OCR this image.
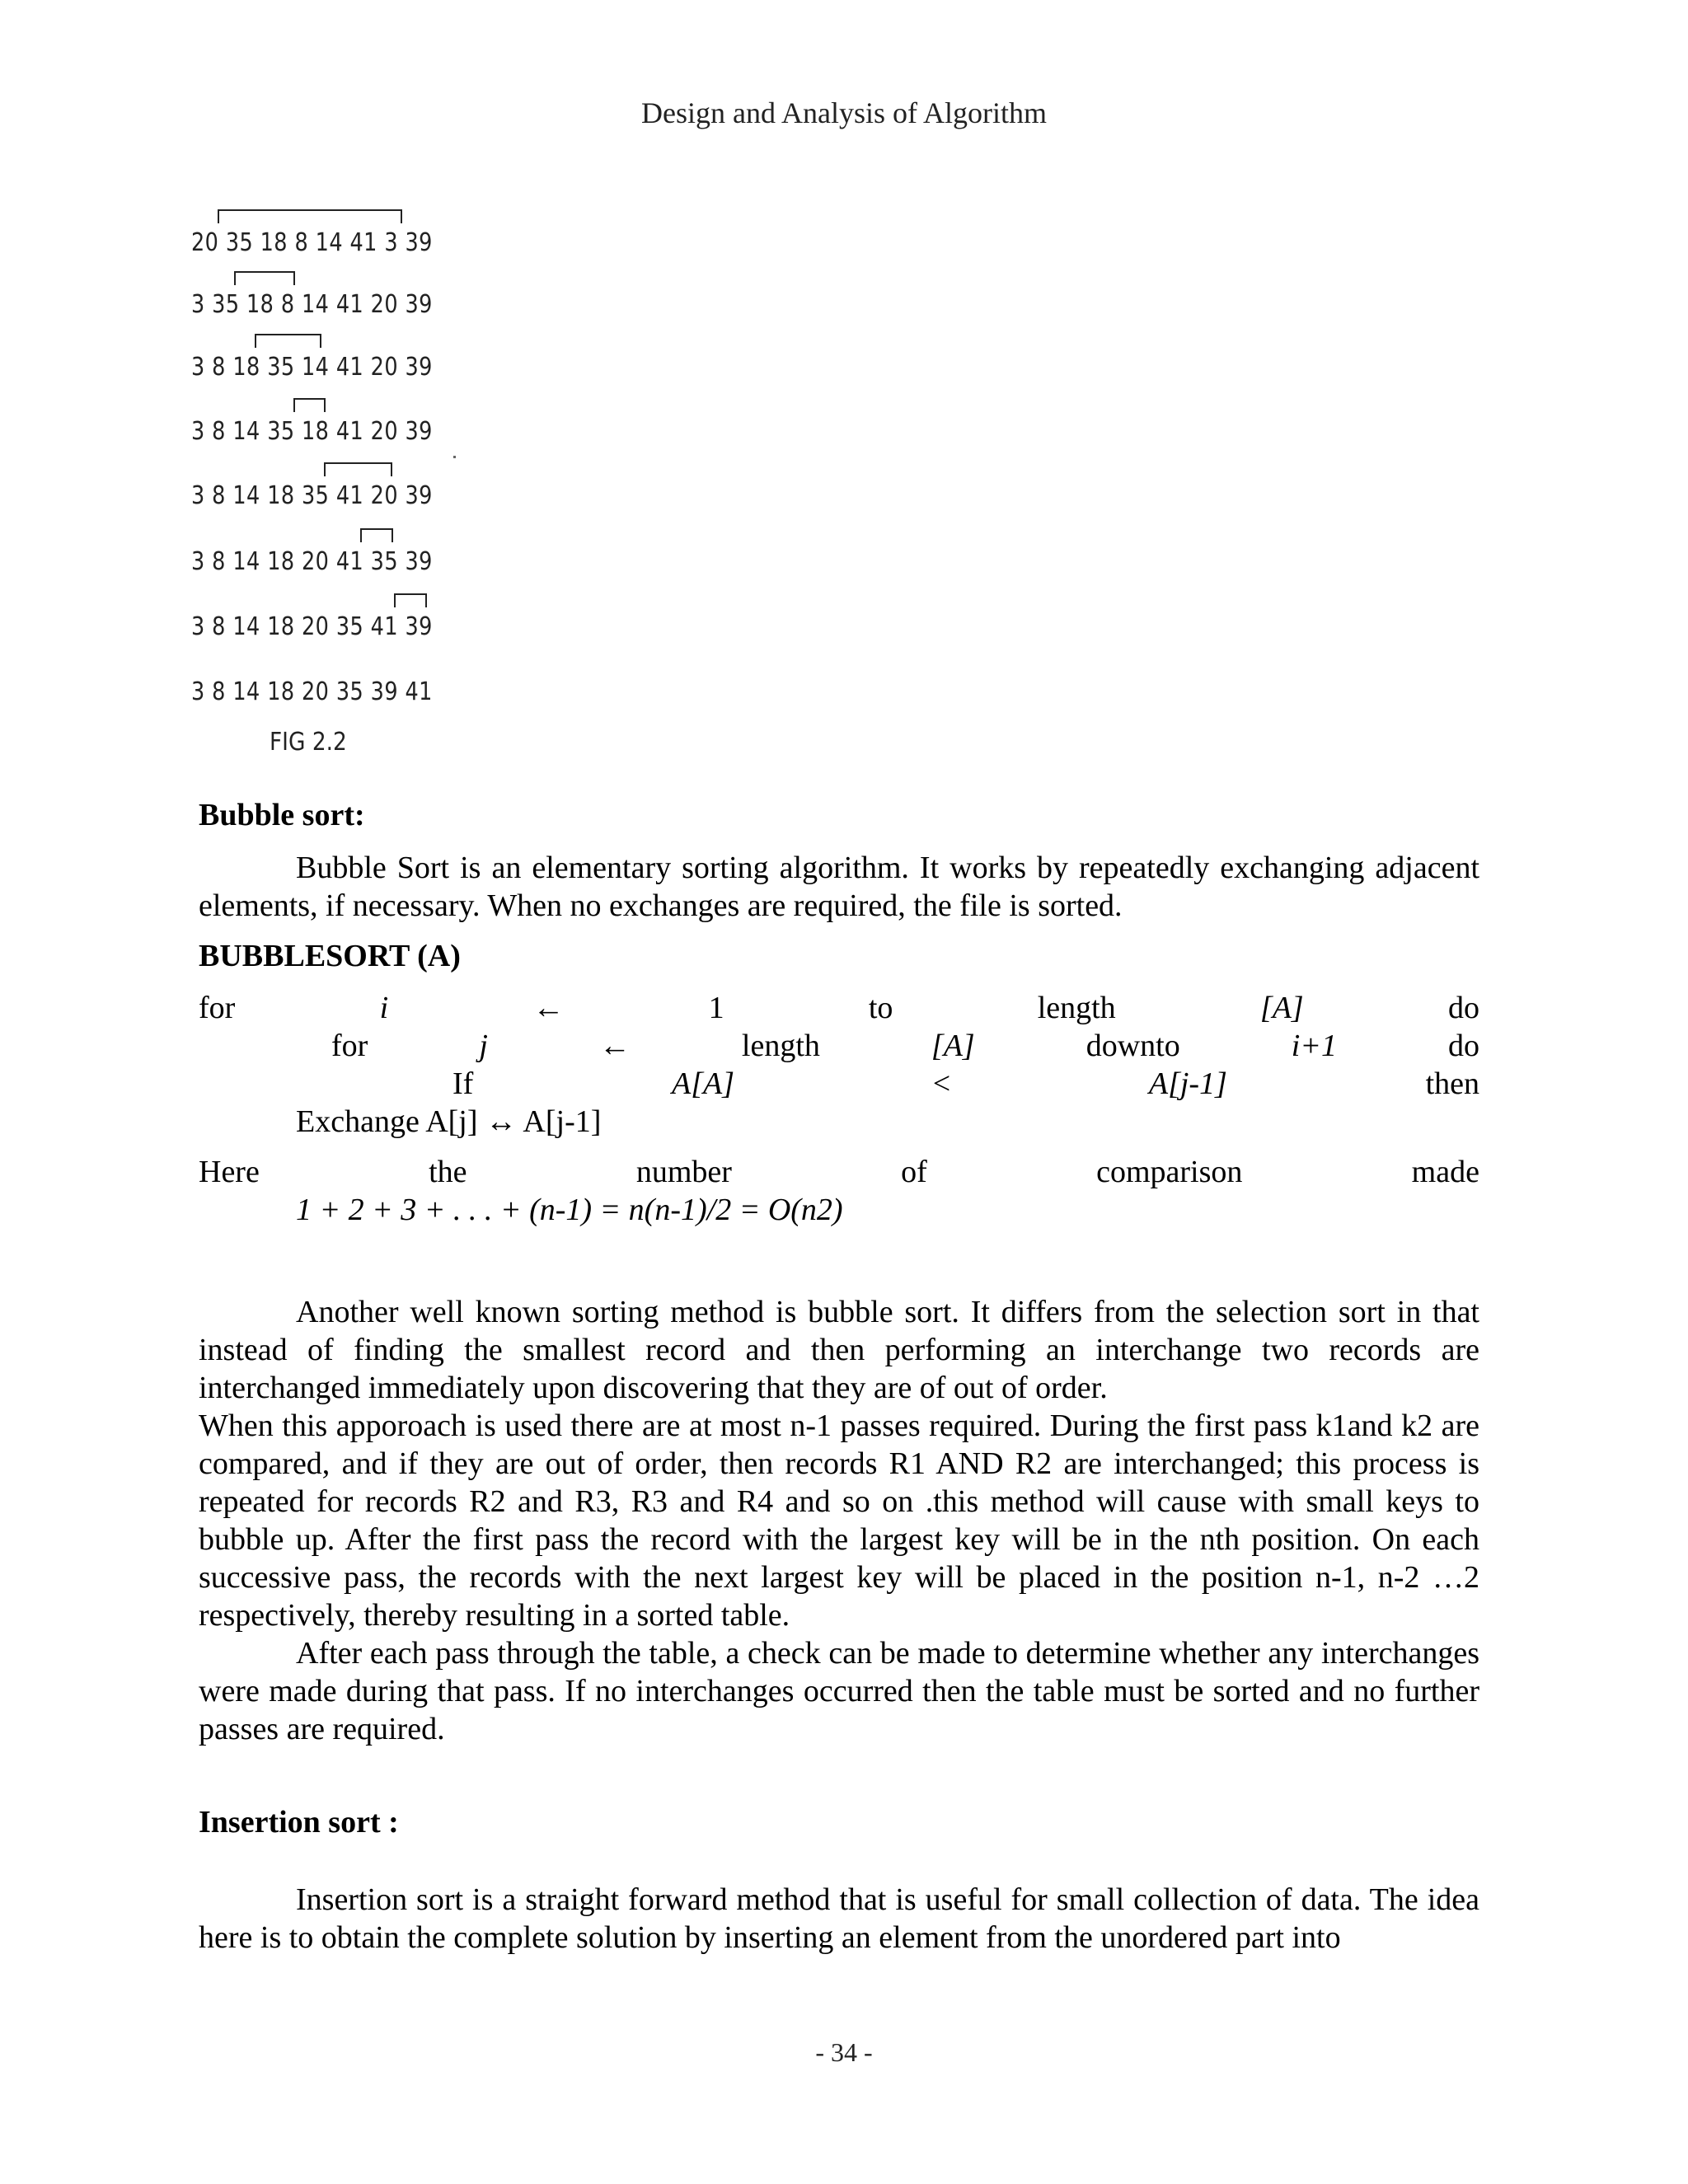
Design and Analysis of Algorithm
20 35 18 8 14 41 3 39
3 35 18 8 14 41 20 39
3 8 18 35 14 41 20 39
3 8 14 35 18 41 20 39
3 8 14 18 35 41 20 39
3 8 14 18 20 41 35 39
3 8 14 18 20 35 41 39
3 8 14 18 20 35 39 41
FIG 2.2
Bubble sort:
Bubble Sort is an elementary sorting algorithm. It works by repeatedly exchanging adjacent elements, if necessary. When no exchanges are required, the file is sorted.
BUBBLESORT (A)
for	i	←	1	to	length	[A]	do
for	j	←	length	[A]	downto	i+1	do
If	A[A]	<	A[j-1]	then
Exchange A[j] ↔ A[j-1]
Here	the	number	of	comparison	made
1 + 2 + 3 + . . . + (n-1) = n(n-1)/2 = O(n2)
Another well known sorting method is bubble sort. It differs from the selection sort in that instead of finding the smallest record and then performing an interchange two records are interchanged immediately upon discovering that they are of out of order.
When this apporoach is used there are at most n-1 passes required. During the first pass k1and k2 are compared, and if they are out of order, then records R1 AND R2 are interchanged; this process is repeated for records R2 and R3, R3 and R4 and so on .this method will cause with small keys to bubble up. After the first pass the record with the largest key will be in the nth position. On each successive pass, the records with the next largest key will be placed in the position n-1, n-2 …2 respectively, thereby resulting in a sorted table.
After each pass through the table, a check can be made to determine whether any interchanges were made during that pass. If no interchanges occurred then the table must be sorted and no further passes are required.
Insertion sort :
Insertion sort is a straight forward method that is useful for small collection of data. The idea here is to obtain the complete solution by inserting an element from the unordered part into
- 34 -
